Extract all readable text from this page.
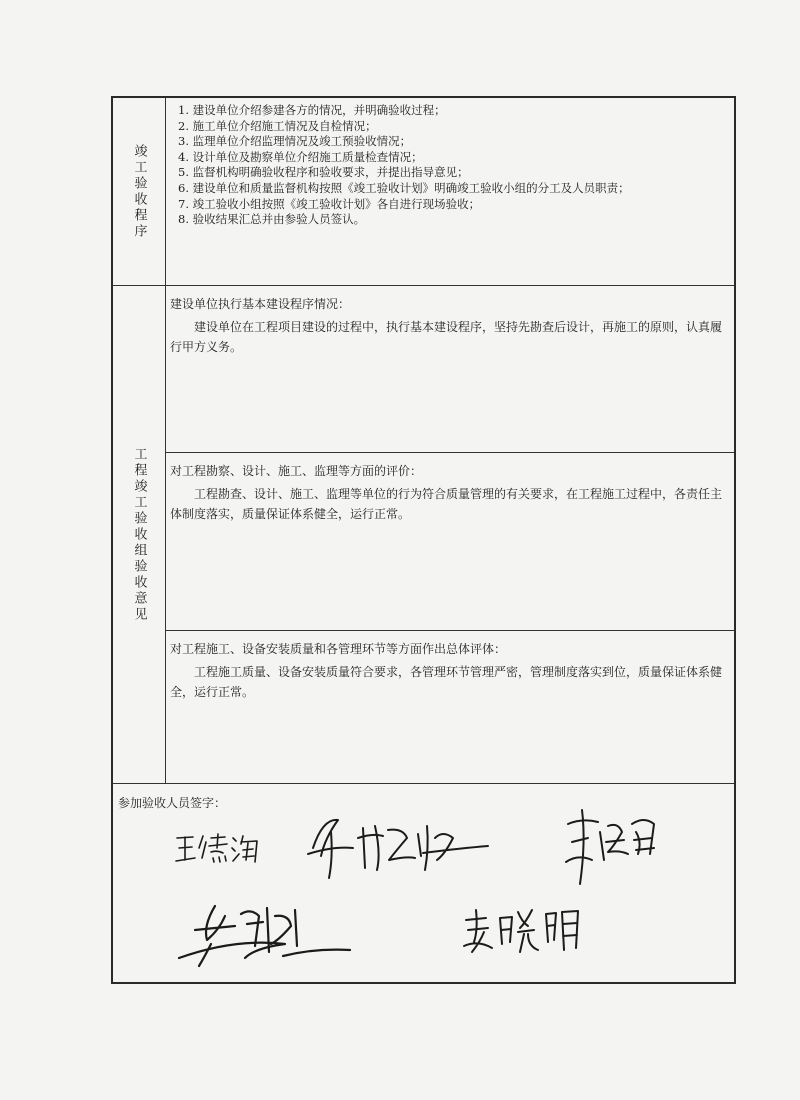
竣工验收程序
1. 建设单位介绍参建各方的情况，并明确验收过程；
2. 施工单位介绍施工情况及自检情况；
3. 监理单位介绍监理情况及竣工预验收情况；
4. 设计单位及勘察单位介绍施工质量检查情况；
5. 监督机构明确验收程序和验收要求，并提出指导意见；
6. 建设单位和质量监督机构按照《竣工验收计划》明确竣工验收小组的分工及人员职责；
7. 竣工验收小组按照《竣工验收计划》各自进行现场验收；
8. 验收结果汇总并由参验人员签认。
工程竣工验收组验收意见

建设单位执行基本建设程序情况：

建设单位在工程项目建设的过程中，执行基本建设程序，坚持先勘查后设计，再施工的原则，认真履行甲方义务。

对工程勘察、设计、施工、监理等方面的评价：

工程勘查、设计、施工、监理等单位的行为符合质量管理的有关要求，在工程施工过程中，各责任主体制度落实，质量保证体系健全，运行正常。

对工程施工、设备安装质量和各管理环节等方面作出总体评体：

工程施工质量、设备安装质量符合要求，各管理环节管理严密，管理制度落实到位，质量保证体系健全，运行正常。

参加验收人员签字：
